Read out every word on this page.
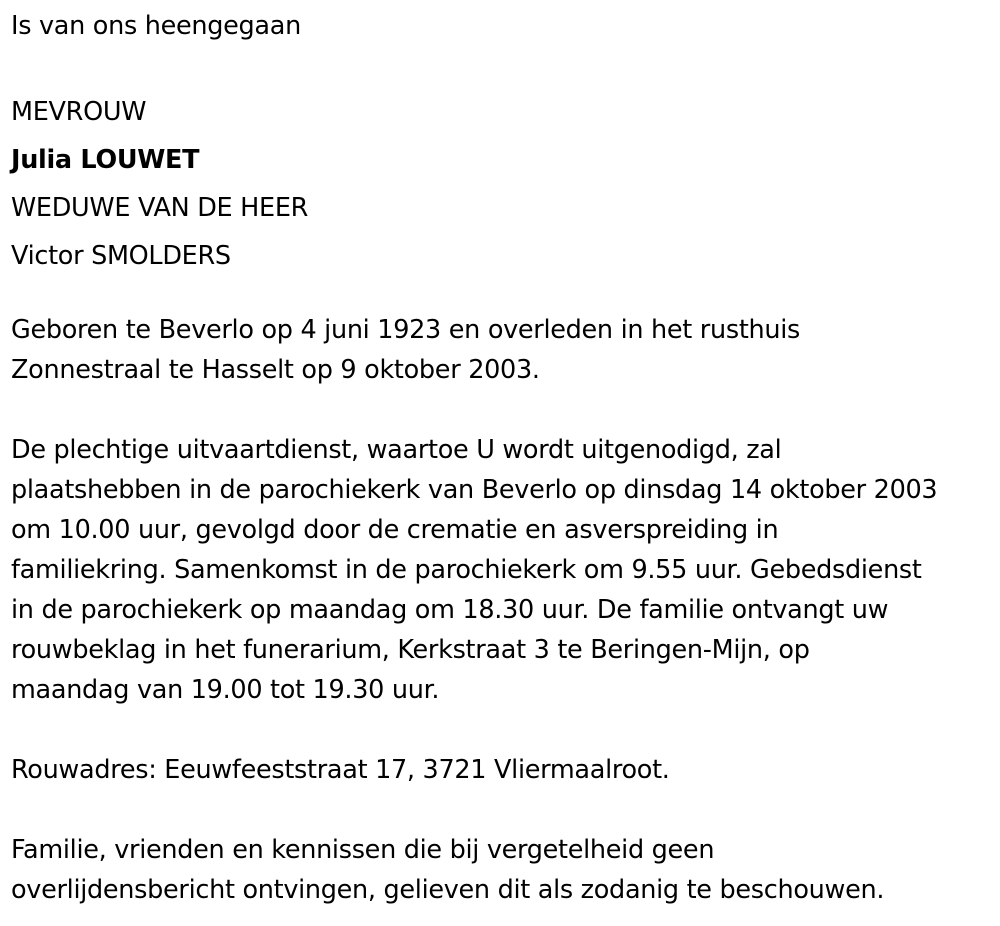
Is van ons heengegaan
MEVROUW
Julia LOUWET
WEDUWE VAN DE HEER
Victor SMOLDERS
Geboren te Beverlo op 4 juni 1923 en overleden in het rusthuis
Zonnestraal te Hasselt op 9 oktober 2003.
De plechtige uitvaartdienst, waartoe U wordt uitgenodigd, zal
plaatshebben in de parochiekerk van Beverlo op dinsdag 14 oktober 2003
om 10.00 uur, gevolgd door de crematie en asverspreiding in
familiekring. Samenkomst in de parochiekerk om 9.55 uur. Gebedsdienst
in de parochiekerk op maandag om 18.30 uur. De familie ontvangt uw
rouwbeklag in het funerarium, Kerkstraat 3 te Beringen-Mijn, op
maandag van 19.00 tot 19.30 uur.
Rouwadres: Eeuwfeeststraat 17, 3721 Vliermaalroot.
Familie, vrienden en kennissen die bij vergetelheid geen
overlijdensbericht ontvingen, gelieven dit als zodanig te beschouwen.
